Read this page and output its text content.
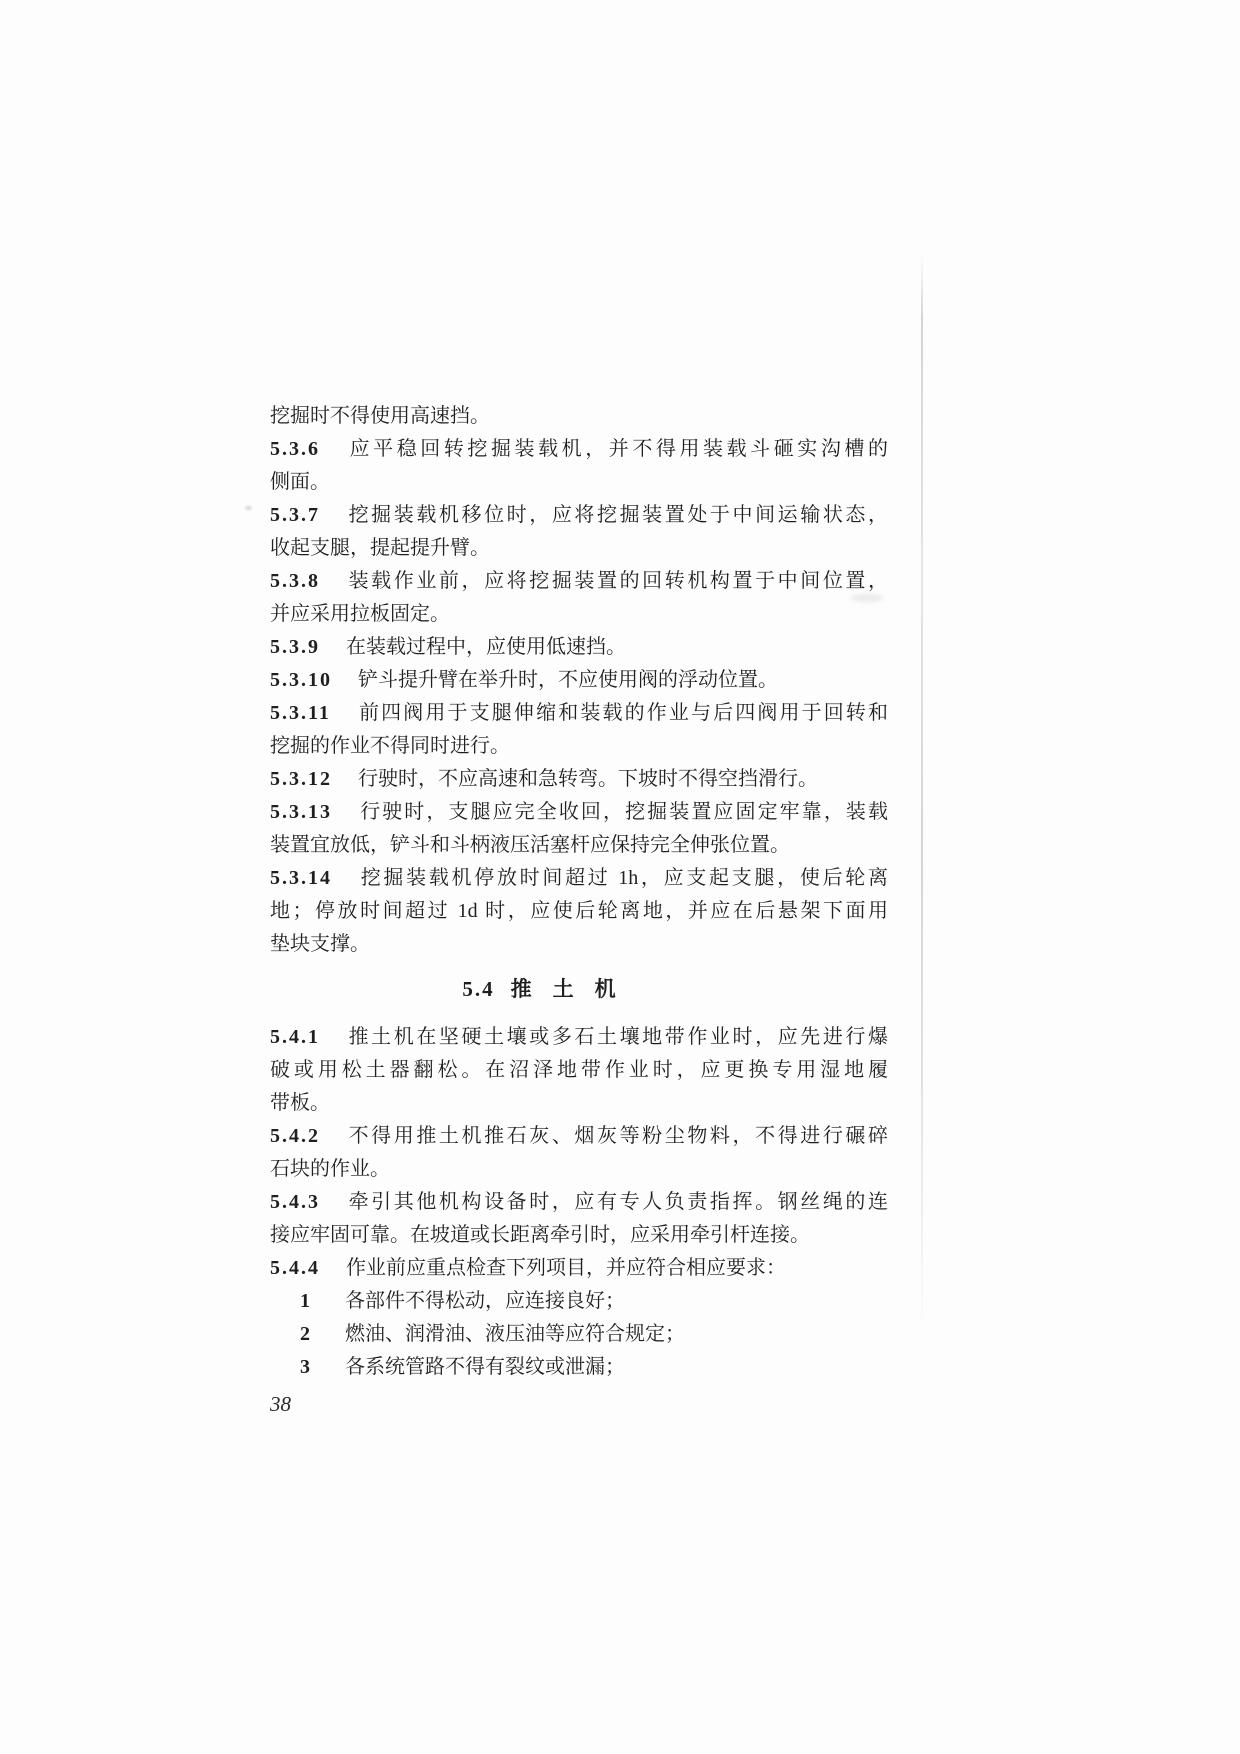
挖掘时不得使用高速挡。
5.3.6 应平稳回转挖掘装载机，并不得用装载斗砸实沟槽的
侧面。
5.3.7 挖掘装载机移位时，应将挖掘装置处于中间运输状态，
收起支腿，提起提升臂。
5.3.8 装载作业前，应将挖掘装置的回转机构置于中间位置，
并应采用拉板固定。
5.3.9 在装载过程中，应使用低速挡。
5.3.10 铲斗提升臂在举升时，不应使用阀的浮动位置。
5.3.11 前四阀用于支腿伸缩和装载的作业与后四阀用于回转和
挖掘的作业不得同时进行。
5.3.12 行驶时，不应高速和急转弯。下坡时不得空挡滑行。
5.3.13 行驶时，支腿应完全收回，挖掘装置应固定牢靠，装载
装置宜放低，铲斗和斗柄液压活塞杆应保持完全伸张位置。
5.3.14 挖掘装载机停放时间超过 1h，应支起支腿，使后轮离
地；停放时间超过 1d 时，应使后轮离地，并应在后悬架下面用
垫块支撑。
5.4 推　土　机
5.4.1 推土机在坚硬土壤或多石土壤地带作业时，应先进行爆
破或用松土器翻松。在沼泽地带作业时，应更换专用湿地履
带板。
5.4.2 不得用推土机推石灰、烟灰等粉尘物料，不得进行碾碎
石块的作业。
5.4.3 牵引其他机构设备时，应有专人负责指挥。钢丝绳的连
接应牢固可靠。在坡道或长距离牵引时，应采用牵引杆连接。
5.4.4 作业前应重点检查下列项目，并应符合相应要求：
1 各部件不得松动，应连接良好；
2 燃油、润滑油、液压油等应符合规定；
3 各系统管路不得有裂纹或泄漏；
38
